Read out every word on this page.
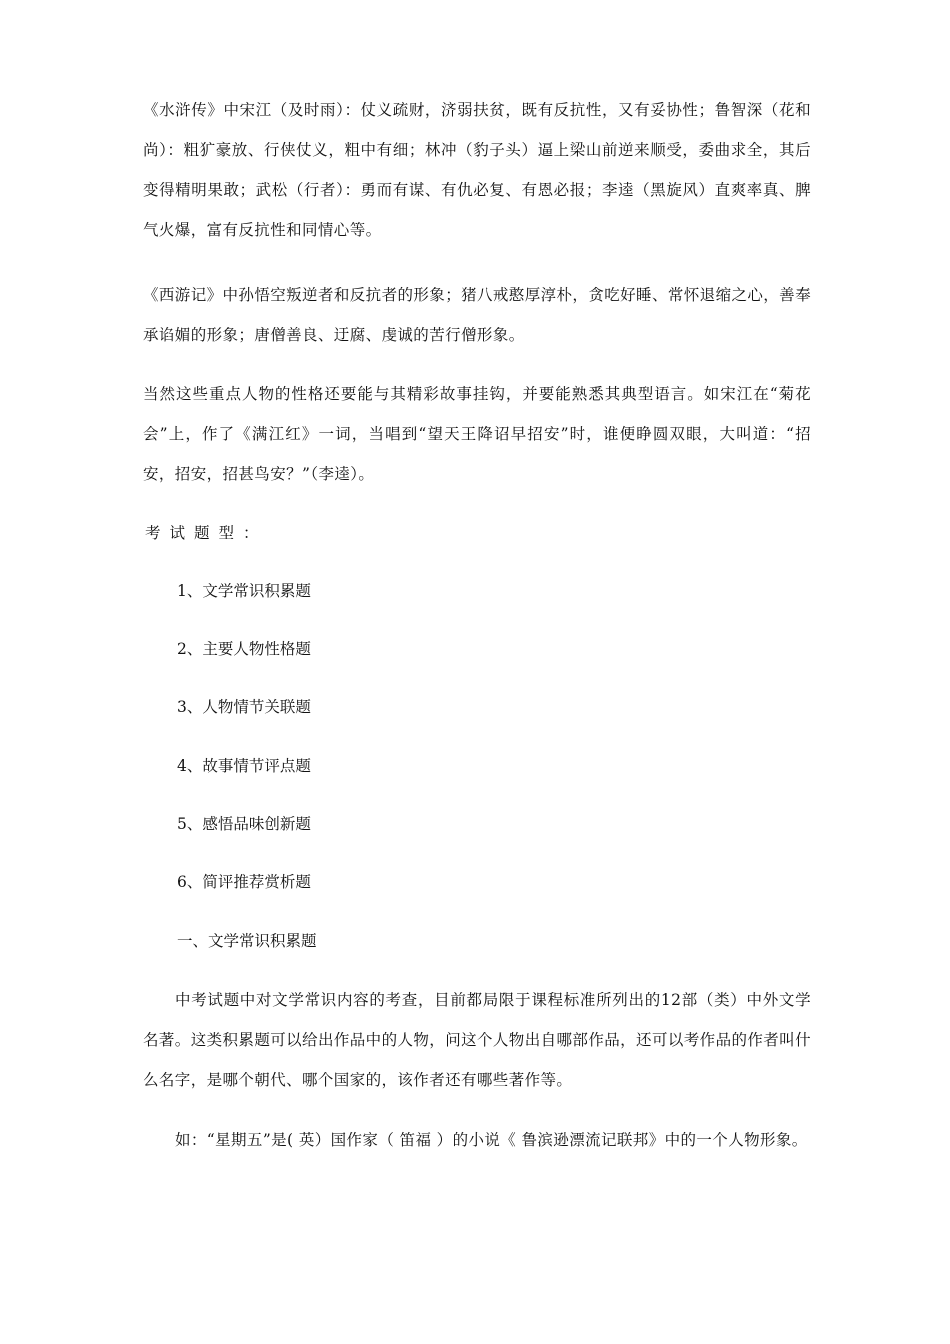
《水浒传》中宋江（及时雨）：仗义疏财，济弱扶贫，既有反抗性，又有妥协性；鲁智深（花和尚）：粗犷豪放、行侠仗义，粗中有细；林冲（豹子头）逼上梁山前逆来顺受，委曲求全，其后变得精明果敢；武松（行者）：勇而有谋、有仇必复、有恩必报；李逵（黑旋风）直爽率真、脾气火爆，富有反抗性和同情心等。

《西游记》中孙悟空叛逆者和反抗者的形象；猪八戒憨厚淳朴，贪吃好睡、常怀退缩之心，善奉承谄媚的形象；唐僧善良、迂腐、虔诚的苦行僧形象。

当然这些重点人物的性格还要能与其精彩故事挂钩，并要能熟悉其典型语言。如宋江在“菊花会”上，作了《满江红》一词，当唱到“望天王降诏早招安”时，谁便睁圆双眼，大叫道：“招安，招安，招甚鸟安？”（李逵）。

考试题型：

1、文学常识积累题

2、主要人物性格题

3、人物情节关联题

4、故事情节评点题

5、感悟品味创新题

6、简评推荐赏析题

一、文学常识积累题

中考试题中对文学常识内容的考查，目前都局限于课程标准所列出的12部（类）中外文学名著。这类积累题可以给出作品中的人物，问这个人物出自哪部作品，还可以考作品的作者叫什么名字，是哪个朝代、哪个国家的，该作者还有哪些著作等。

如：“星期五”是( 英）国作家（ 笛福 ）的小说《 鲁滨逊漂流记联邦》中的一个人物形象。
